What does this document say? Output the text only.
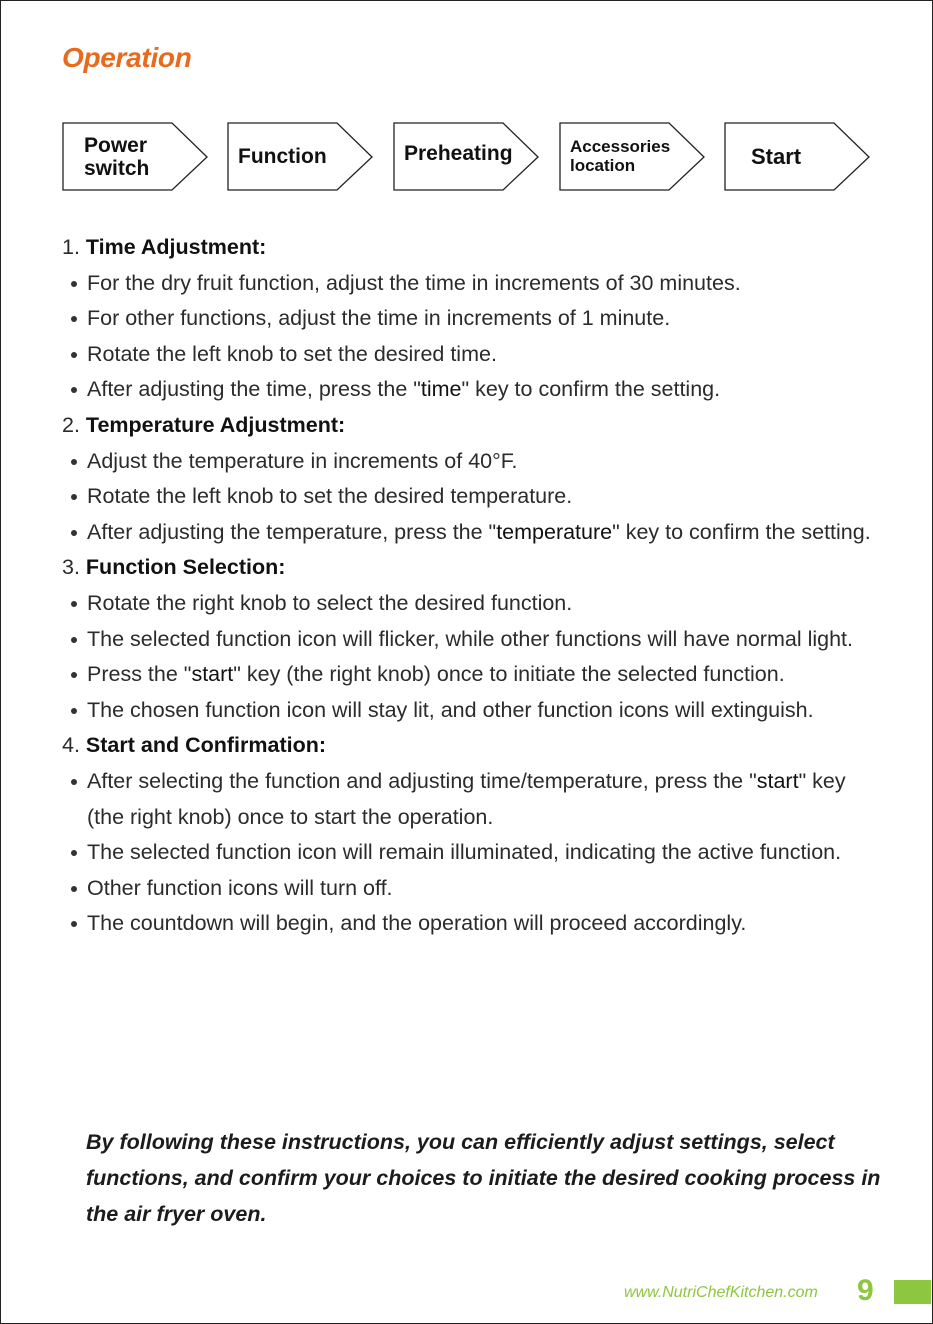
Operation
Power
switch
Function	Preheating	Accessories
location	Start

1. Time Adjustment:

For the dry fruit function, adjust the time in increments of 30 minutes.

For other functions, adjust the time in increments of 1 minute.

Rotate the left knob to set the desired time.

After adjusting the time, press the "time" key to confirm the setting.

2. Temperature Adjustment:

Adjust the temperature in increments of 40°F.

Rotate the left knob to set the desired temperature.

After adjusting the temperature, press the "temperature" key to confirm the setting.

3. Function Selection:

Rotate the right knob to select the desired function.

The selected function icon will flicker, while other functions will have normal light.

Press the "start" key (the right knob) once to initiate the selected function.

The chosen function icon will stay lit, and other function icons will extinguish.

4. Start and Confirmation:

After selecting the function and adjusting time/temperature, press the "start" key (the right knob) once to start the operation.

The selected function icon will remain illuminated, indicating the active function.

Other function icons will turn off.

The countdown will begin, and the operation will proceed accordingly.

By following these instructions, you can efficiently adjust settings, select functions, and confirm your choices to initiate the desired cooking process in the air fryer oven.
www.NutriChefKitchen.com 9
